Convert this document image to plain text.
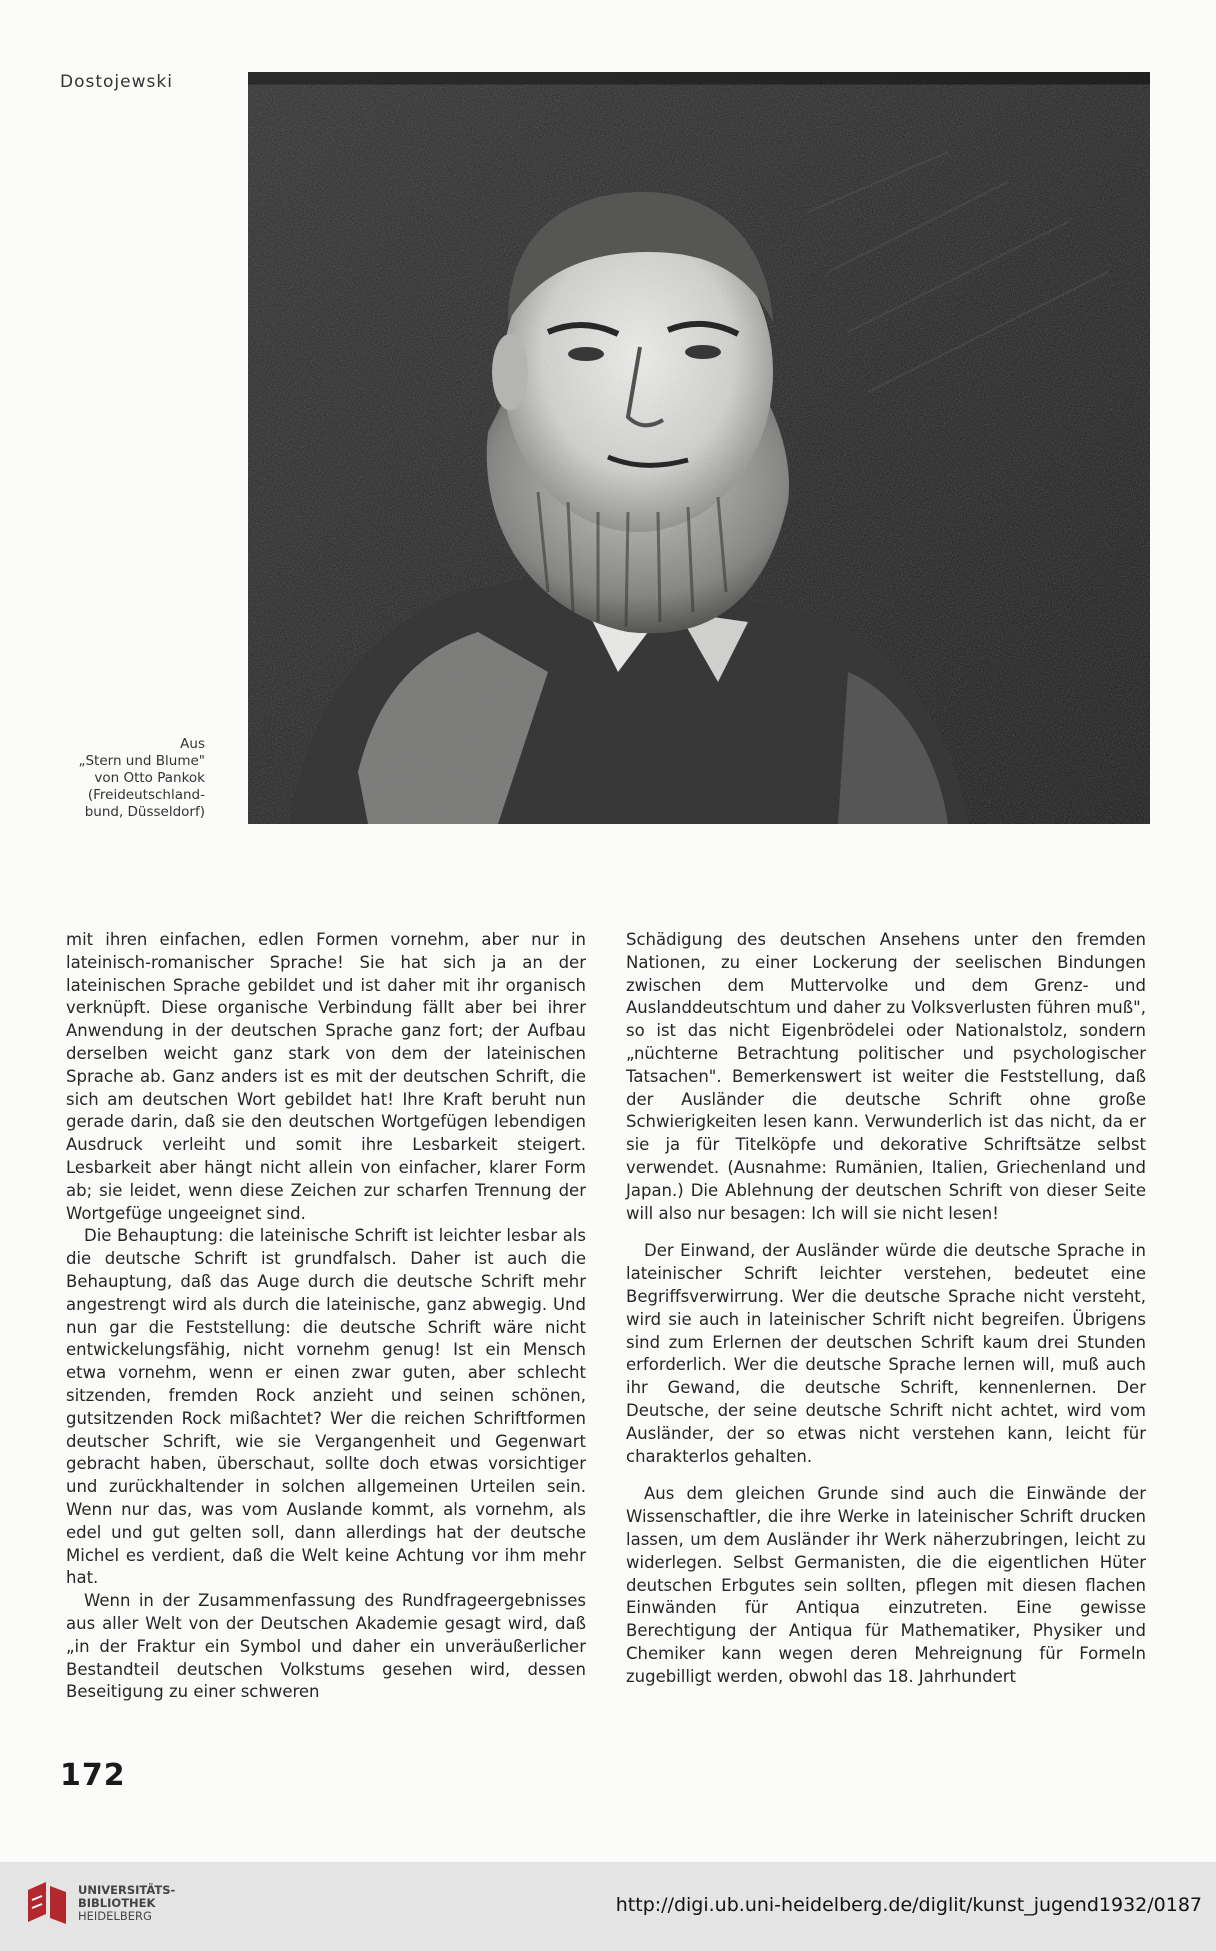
Dostojewski
Aus
„Stern und Blume"
von Otto Pankok
(Freideutschland-
bund, Düsseldorf)

mit ihren einfachen, edlen Formen vornehm, aber nur in lateinisch-romanischer Sprache! Sie hat sich ja an der lateinischen Sprache gebildet und ist daher mit ihr organisch verknüpft. Diese organische Verbindung fällt aber bei ihrer Anwendung in der deutschen Sprache ganz fort; der Aufbau derselben weicht ganz stark von dem der lateinischen Sprache ab. Ganz anders ist es mit der deutschen Schrift, die sich am deutschen Wort gebildet hat! Ihre Kraft beruht nun gerade darin, daß sie den deutschen Wortgefügen lebendigen Ausdruck verleiht und somit ihre Lesbarkeit steigert. Lesbarkeit aber hängt nicht allein von einfacher, klarer Form ab; sie leidet, wenn diese Zeichen zur scharfen Trennung der Wortgefüge ungeeignet sind.

Die Behauptung: die lateinische Schrift ist leichter lesbar als die deutsche Schrift ist grundfalsch. Daher ist auch die Behauptung, daß das Auge durch die deutsche Schrift mehr angestrengt wird als durch die lateinische, ganz abwegig. Und nun gar die Feststellung: die deutsche Schrift wäre nicht entwickelungsfähig, nicht vornehm genug! Ist ein Mensch etwa vornehm, wenn er einen zwar guten, aber schlecht sitzenden, fremden Rock anzieht und seinen schönen, gutsitzenden Rock mißachtet? Wer die reichen Schriftformen deutscher Schrift, wie sie Vergangenheit und Gegenwart gebracht haben, überschaut, sollte doch etwas vorsichtiger und zurückhaltender in solchen allgemeinen Urteilen sein. Wenn nur das, was vom Auslande kommt, als vornehm, als edel und gut gelten soll, dann allerdings hat der deutsche Michel es verdient, daß die Welt keine Achtung vor ihm mehr hat.

Wenn in der Zusammenfassung des Rundfrageergebnisses aus aller Welt von der Deutschen Akademie gesagt wird, daß „in der Fraktur ein Symbol und daher ein unveräußerlicher Bestandteil deutschen Volkstums gesehen wird, dessen Beseitigung zu einer schweren

Schädigung des deutschen Ansehens unter den fremden Nationen, zu einer Lockerung der seelischen Bindungen zwischen dem Muttervolke und dem Grenz- und Auslanddeutschtum und daher zu Volksverlusten führen muß", so ist das nicht Eigenbrödelei oder Nationalstolz, sondern „nüchterne Betrachtung politischer und psychologischer Tatsachen". Bemerkenswert ist weiter die Feststellung, daß der Ausländer die deutsche Schrift ohne große Schwierigkeiten lesen kann. Verwunderlich ist das nicht, da er sie ja für Titelköpfe und dekorative Schriftsätze selbst verwendet. (Ausnahme: Rumänien, Italien, Griechenland und Japan.) Die Ablehnung der deutschen Schrift von dieser Seite will also nur besagen: Ich will sie nicht lesen!

Der Einwand, der Ausländer würde die deutsche Sprache in lateinischer Schrift leichter verstehen, bedeutet eine Begriffsverwirrung. Wer die deutsche Sprache nicht versteht, wird sie auch in lateinischer Schrift nicht begreifen. Übrigens sind zum Erlernen der deutschen Schrift kaum drei Stunden erforderlich. Wer die deutsche Sprache lernen will, muß auch ihr Gewand, die deutsche Schrift, kennenlernen. Der Deutsche, der seine deutsche Schrift nicht achtet, wird vom Ausländer, der so etwas nicht verstehen kann, leicht für charakterlos gehalten.

Aus dem gleichen Grunde sind auch die Einwände der Wissenschaftler, die ihre Werke in lateinischer Schrift drucken lassen, um dem Ausländer ihr Werk näherzubringen, leicht zu widerlegen. Selbst Germanisten, die die eigentlichen Hüter deutschen Erbgutes sein sollten, pflegen mit diesen flachen Einwänden für Antiqua einzutreten. Eine gewisse Berechtigung der Antiqua für Mathematiker, Physiker und Chemiker kann wegen deren Mehreignung für Formeln zugebilligt werden, obwohl das 18. Jahrhundert

172
UNIVERSITÄTS-
BIBLIOTHEK
HEIDELBERG	http://digi.ub.uni-heidelberg.de/diglit/kunst_jugend1932/0187
